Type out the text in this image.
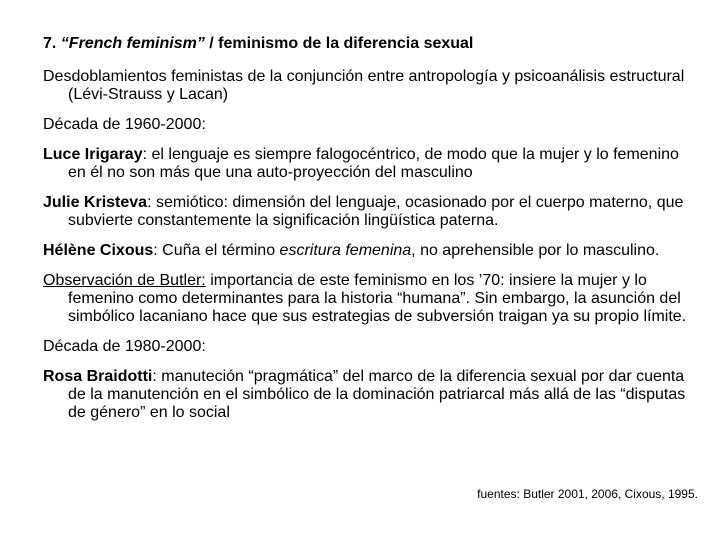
7. “French feminism” / feminismo de la diferencia sexual
Desdoblamientos feministas de la conjunción entre antropología y psicoanálisis estructural (Lévi-Strauss y Lacan)
Década de 1960-2000:
Luce Irigaray: el lenguaje es siempre falogocéntrico, de modo que la mujer y lo femenino en él no son más que una auto-proyección del masculino
Julie Kristeva: semiótico: dimensión del lenguaje, ocasionado por el cuerpo materno, que subvierte constantemente la significación lingüística paterna.
Hélène Cixous: Cuña el término escritura femenina, no aprehensible por lo masculino.
Observación de Butler: importancia de este feminismo en los ’70: insiere la mujer y lo femenino como determinantes para la historia “humana”. Sin embargo, la asunción del simbólico lacaniano hace que sus estrategias de subversión traigan ya su propio límite.
Década de 1980-2000:
Rosa Braidotti: manuteción “pragmática” del marco de la diferencia sexual por dar cuenta de la manutención en el simbólico de la dominación patriarcal más allá de las “disputas de género” en lo social
fuentes: Butler 2001, 2006, Cixous, 1995.
